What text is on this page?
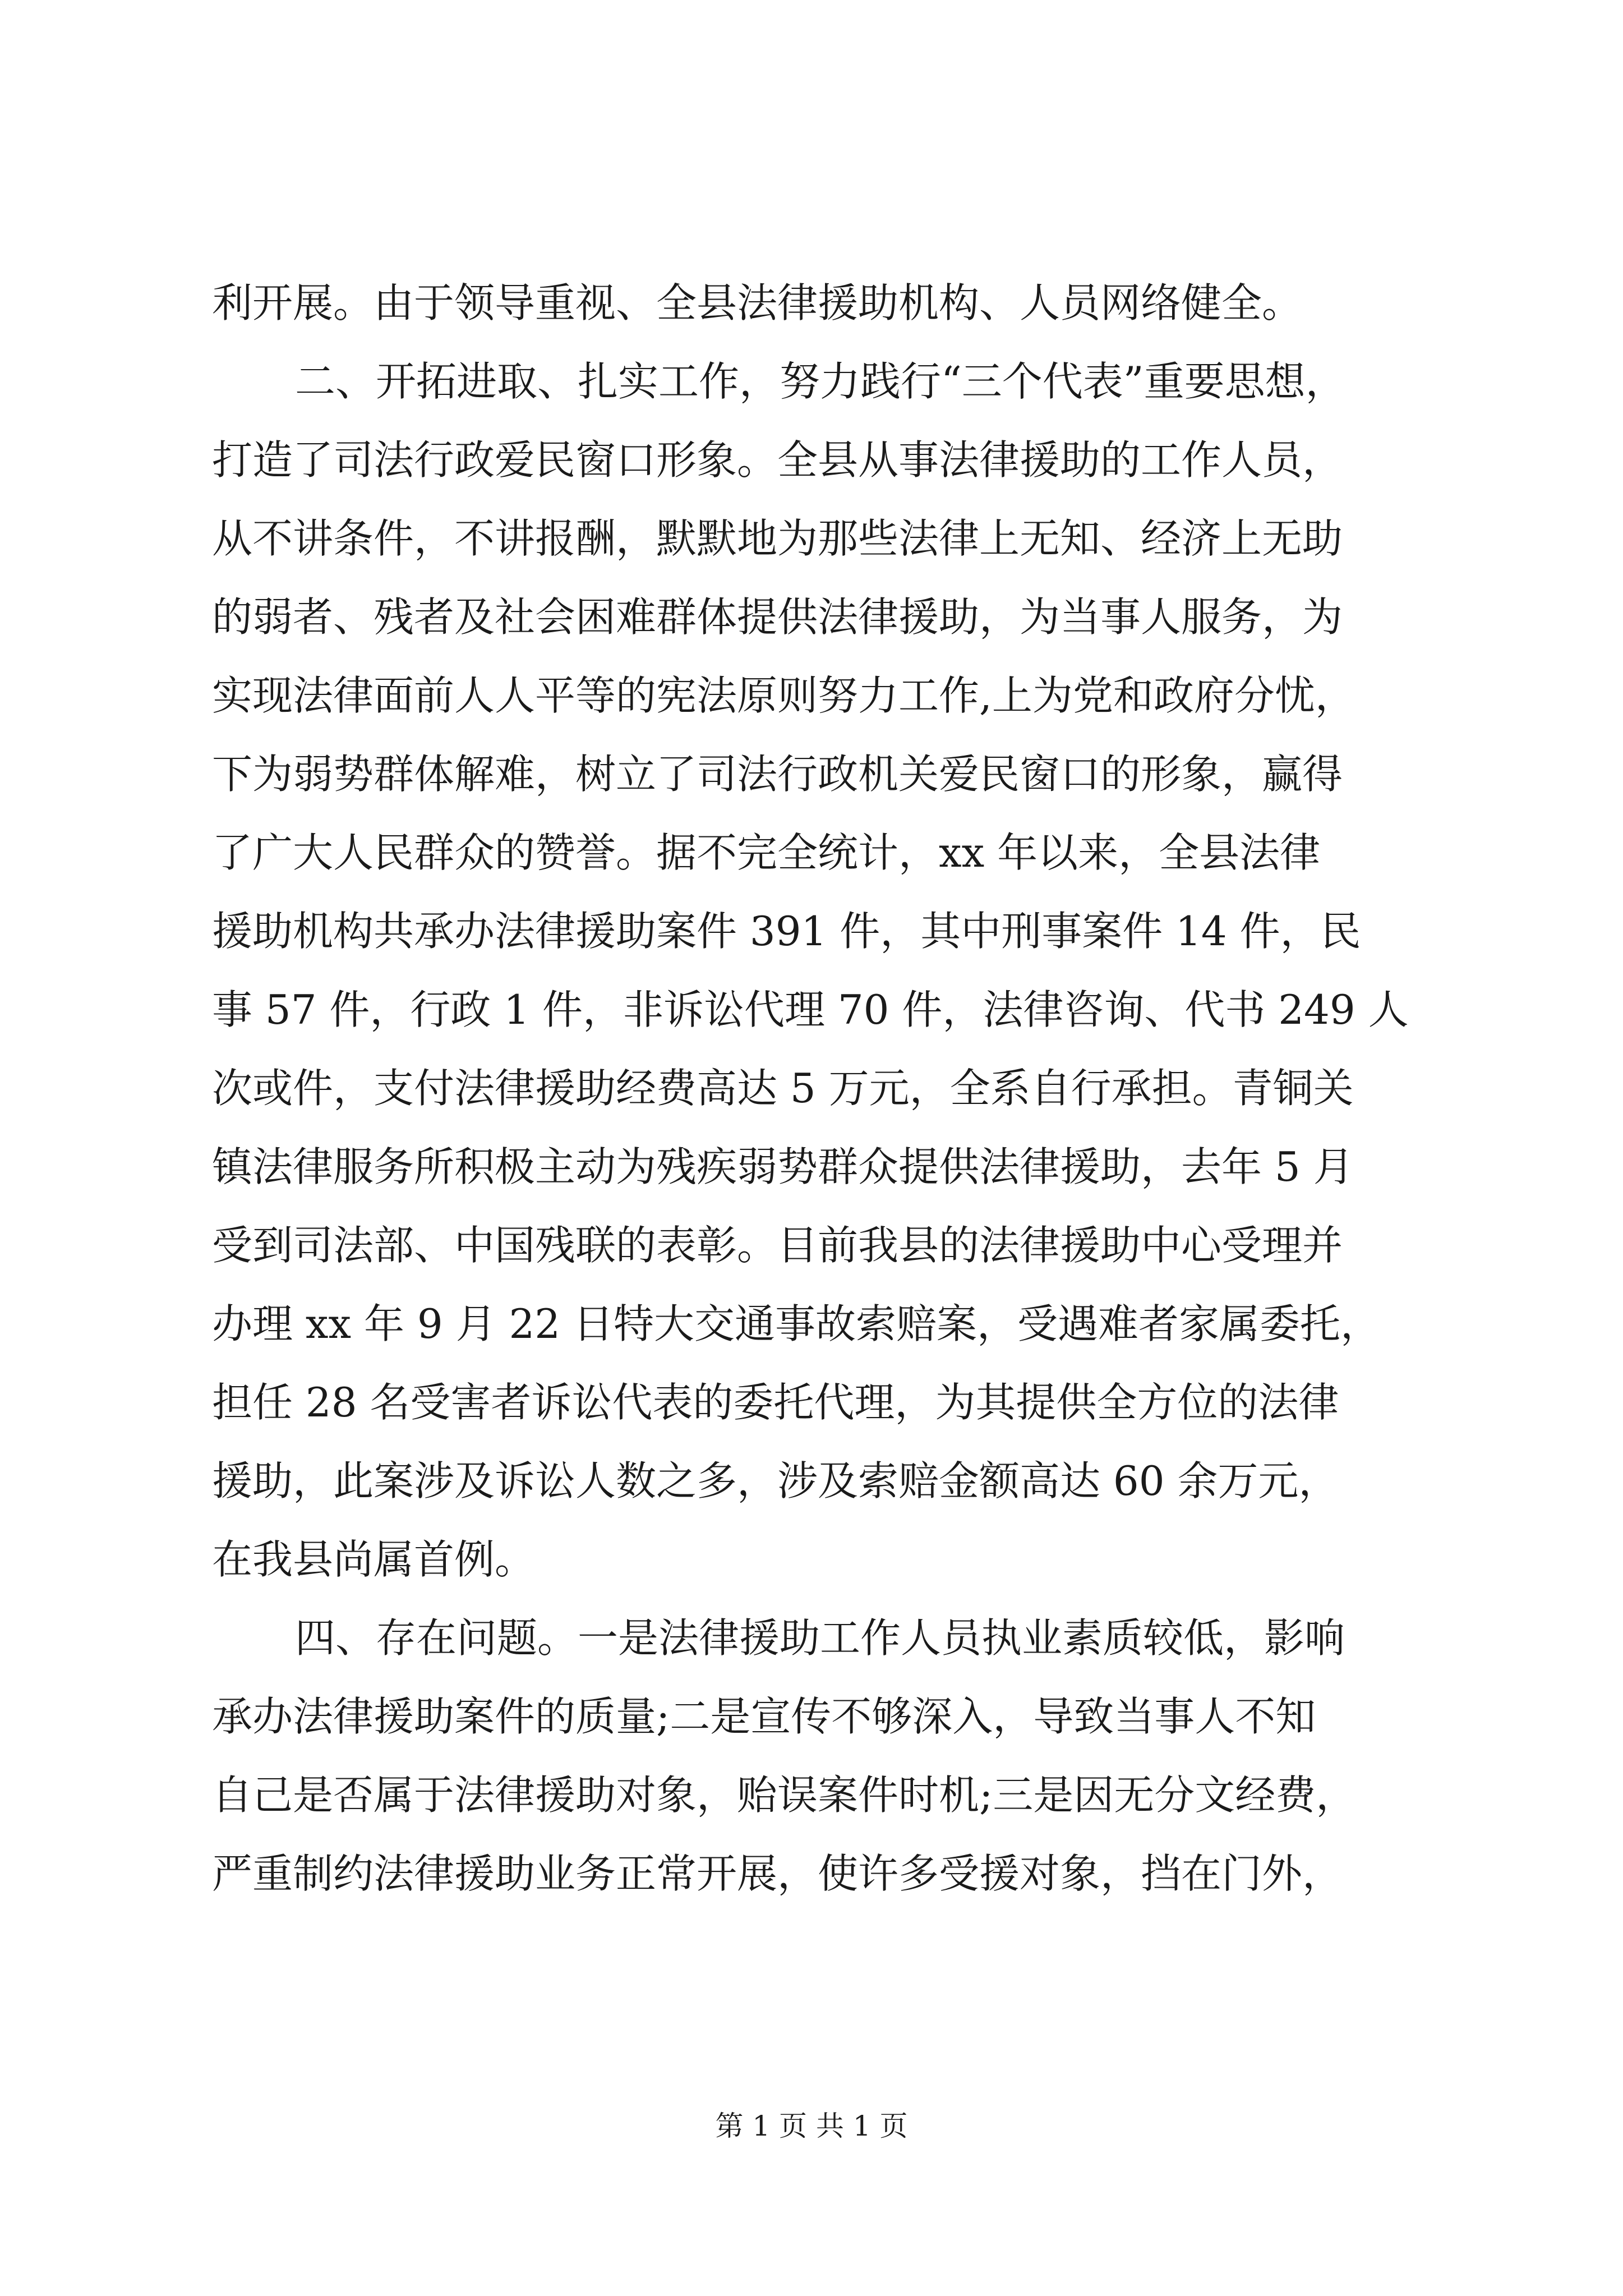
利开展。由于领导重视、全县法律援助机构、人员网络健全。
二、开拓进取、扎实工作，努力践行“三个代表”重要思想，
打造了司法行政爱民窗口形象。全县从事法律援助的工作人员，
从不讲条件，不讲报酬，默默地为那些法律上无知、经济上无助
的弱者、残者及社会困难群体提供法律援助，为当事人服务，为
实现法律面前人人平等的宪法原则努力工作,上为党和政府分忧，
下为弱势群体解难，树立了司法行政机关爱民窗口的形象，赢得
了广大人民群众的赞誉。据不完全统计，xx 年以来，全县法律
援助机构共承办法律援助案件 391 件，其中刑事案件 14 件，民
事 57 件，行政 1 件，非诉讼代理 70 件，法律咨询、代书 249 人
次或件，支付法律援助经费高达 5 万元，全系自行承担。青铜关
镇法律服务所积极主动为残疾弱势群众提供法律援助，去年 5 月
受到司法部、中国残联的表彰。目前我县的法律援助中心受理并
办理 xx 年 9 月 22 日特大交通事故索赔案，受遇难者家属委托，
担任 28 名受害者诉讼代表的委托代理，为其提供全方位的法律
援助，此案涉及诉讼人数之多，涉及索赔金额高达 60 余万元，
在我县尚属首例。
四、存在问题。一是法律援助工作人员执业素质较低，影响
承办法律援助案件的质量;二是宣传不够深入，导致当事人不知
自己是否属于法律援助对象，贻误案件时机;三是因无分文经费，
严重制约法律援助业务正常开展，使许多受援对象，挡在门外，
第 1 页 共 1 页
